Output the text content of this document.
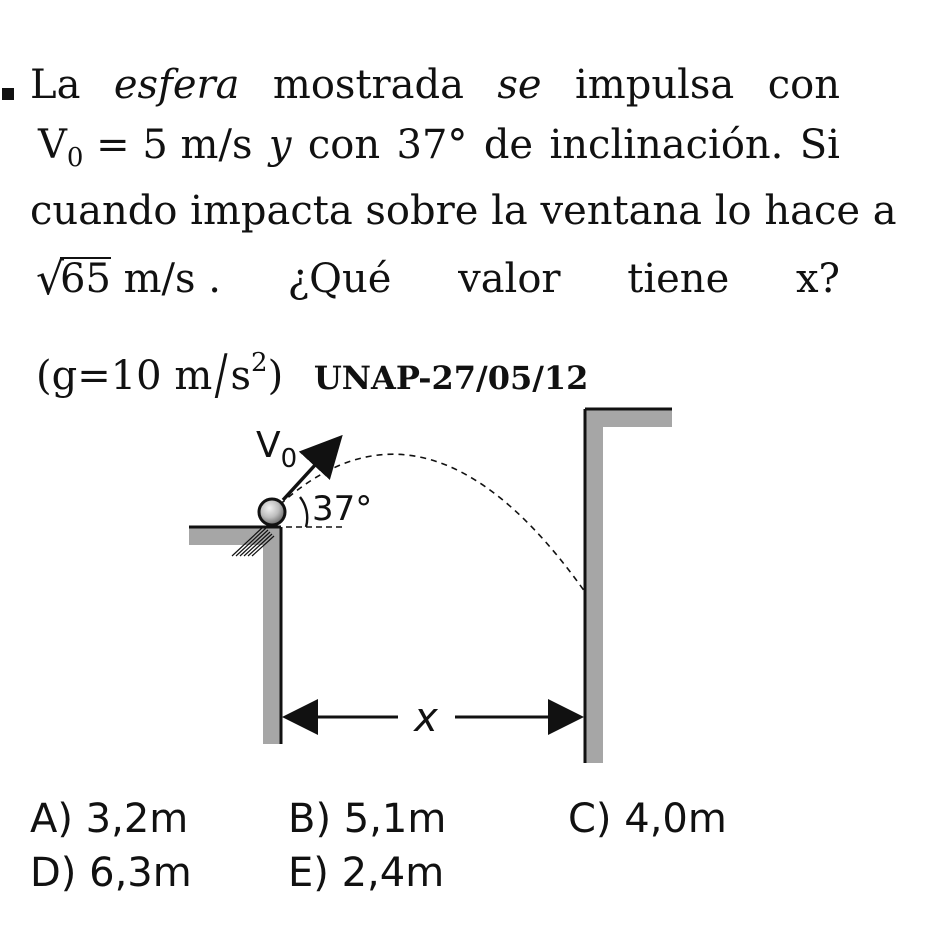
La esfera mostrada se impulsa con
$V_0 = 5$ m/s y con 37° de inclinación. Si
cuando impacta sobre la ventana lo hace a
√
65 m/s . ¿Qué valor tiene x?
(g=10 $m/s^2$) UNAP-27/05/12
$V_0$
37°
x
A) 3,2m B) 5,1m	C) 4,0m
D) 6,3m E) 2,4m
